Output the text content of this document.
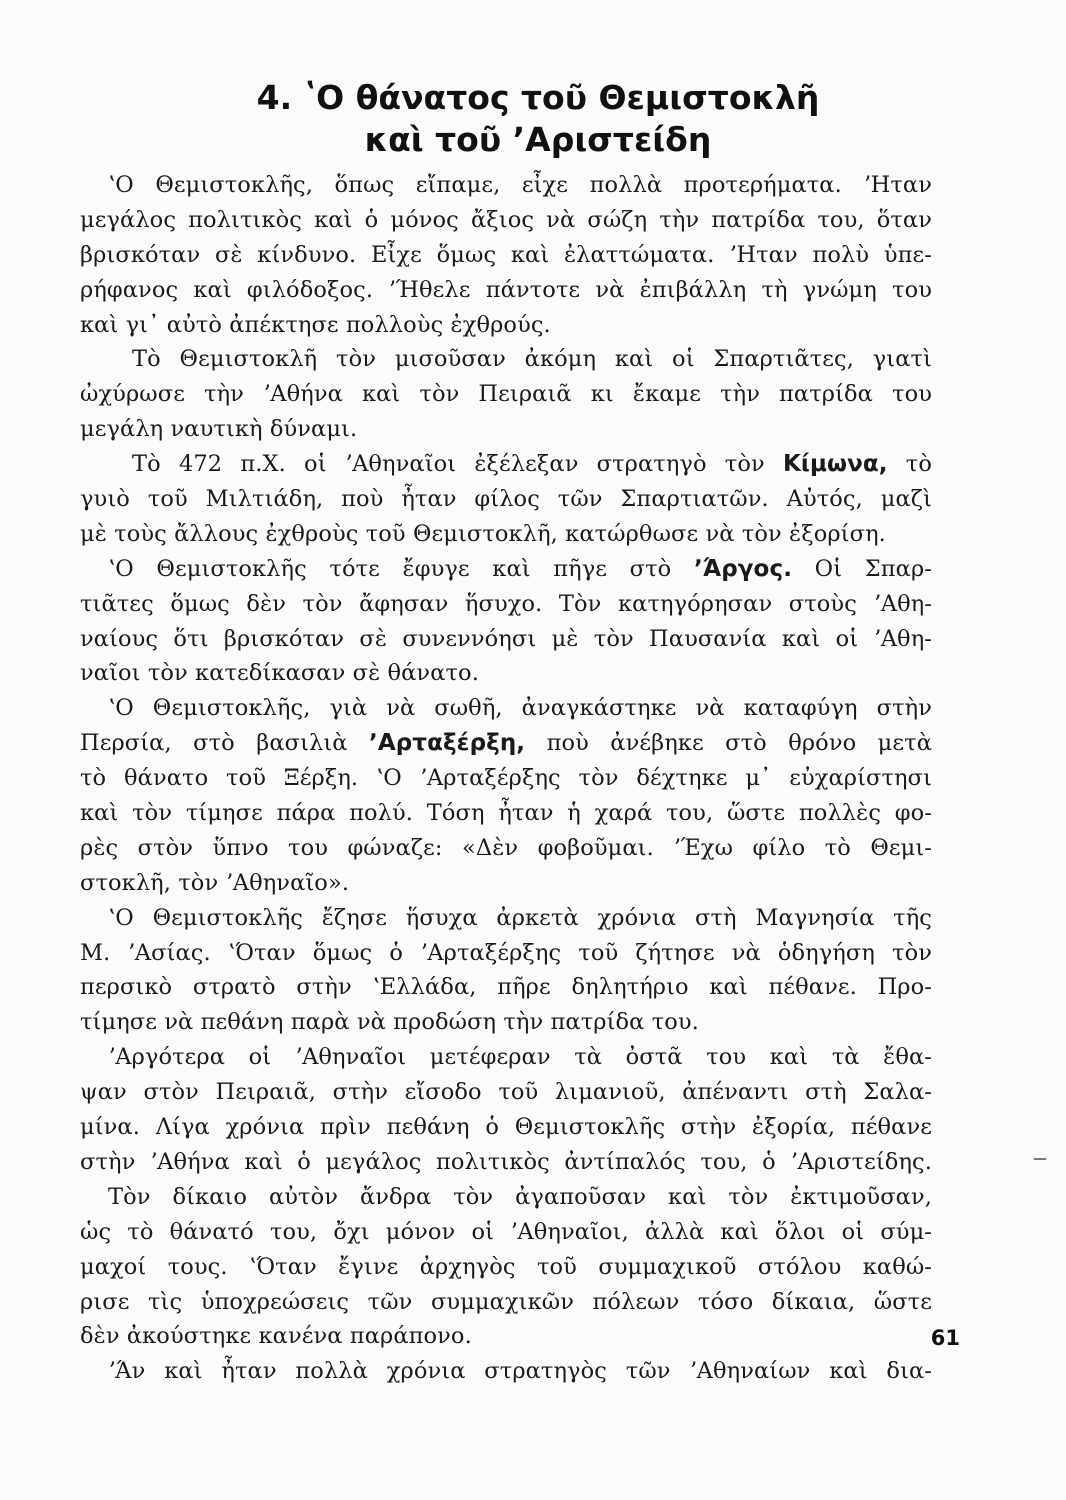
4. ʽΟ θάνατος τοῦ Θεμιστοκλῆ
καὶ τοῦ ʼΑριστείδη
ʽΟ Θεμιστοκλῆς, ὅπως εἴπαμε, εἶχε πολλὰ προτερήματα. ʼΗταν
μεγάλος πολιτικὸς καὶ ὁ μόνος ἄξιος νὰ σώζη τὴν πατρίδα του, ὅταν
βρισκόταν σὲ κίνδυνο. Εἶχε ὅμως καὶ ἐλαττώματα. ʼΗταν πολὺ ὑπε-
ρήφανος καὶ φιλόδοξος. ʼΉθελε πάντοτε νὰ ἐπιβάλλη τὴ γνώμη του
καὶ γι᾿ αὐτὸ ἀπέκτησε πολλοὺς ἐχθρούς.
Τὸ Θεμιστοκλῆ τὸν μισοῦσαν ἀκόμη καὶ οἱ Σπαρτιᾶτες, γιατὶ
ὠχύρωσε τὴν ʼΑθήνα καὶ τὸν Πειραιᾶ κι ἔκαμε τὴν πατρίδα του
μεγάλη ναυτικὴ δύναμι.
Τὸ 472 π.Χ. οἱ ʼΑθηναῖοι ἐξέλεξαν στρατηγὸ τὸν Κίμωνα, τὸ
γυιὸ τοῦ Μιλτιάδη, ποὺ ἦταν φίλος τῶν Σπαρτιατῶν. Αὐτός, μαζὶ
μὲ τοὺς ἄλλους ἐχθροὺς τοῦ Θεμιστοκλῆ, κατώρθωσε νὰ τὸν ἐξορίση.
ʽΟ Θεμιστοκλῆς τότε ἔφυγε καὶ πῆγε στὸ ʼΆργος. Οἱ Σπαρ-
τιᾶτες ὅμως δὲν τὸν ἄφησαν ἥσυχο. Τὸν κατηγόρησαν στοὺς ʼΑθη-
ναίους ὅτι βρισκόταν σὲ συνεννόησι μὲ τὸν Παυσανία καὶ οἱ ʼΑθη-
ναῖοι τὸν κατεδίκασαν σὲ θάνατο.
ʽΟ Θεμιστοκλῆς, γιὰ νὰ σωθῆ, ἀναγκάστηκε νὰ καταφύγη στὴν
Περσία, στὸ βασιλιὰ ʼΑρταξέρξη, ποὺ ἀνέβηκε στὸ θρόνο μετὰ
τὸ θάνατο τοῦ Ξέρξη. ʽΟ ʼΑρταξέρξης τὸν δέχτηκε μ᾿ εὐχαρίστησι
καὶ τὸν τίμησε πάρα πολύ. Τόση ἦταν ἡ χαρά του, ὥστε πολλὲς φο-
ρὲς στὸν ὕπνο του φώναζε: «Δὲν φοβοῦμαι. ʼΈχω φίλο τὸ Θεμι-
στοκλῆ, τὸν ʼΑθηναῖο».
ʽΟ Θεμιστοκλῆς ἔζησε ἥσυχα ἀρκετὰ χρόνια στὴ Μαγνησία τῆς
Μ. ʼΑσίας. ʽΌταν ὅμως ὁ ʼΑρταξέρξης τοῦ ζήτησε νὰ ὁδηγήση τὸν
περσικὸ στρατὸ στὴν ʽΕλλάδα, πῆρε δηλητήριο καὶ πέθανε. Προ-
τίμησε νὰ πεθάνη παρὰ νὰ προδώση τὴν πατρίδα του.
ʼΑργότερα οἱ ʼΑθηναῖοι μετέφεραν τὰ ὀστᾶ του καὶ τὰ ἔθα-
ψαν στὸν Πειραιᾶ, στὴν εἴσοδο τοῦ λιμανιοῦ, ἀπέναντι στὴ Σαλα-
μίνα. Λίγα χρόνια πρὶν πεθάνη ὁ Θεμιστοκλῆς στὴν ἐξορία, πέθανε
στὴν ʼΑθήνα καὶ ὁ μεγάλος πολιτικὸς ἀντίπαλός του, ὁ ʼΑριστείδης.
Τὸν δίκαιο αὐτὸν ἄνδρα τὸν ἀγαποῦσαν καὶ τὸν ἐκτιμοῦσαν,
ὡς τὸ θάνατό του, ὄχι μόνον οἱ ʼΑθηναῖοι, ἀλλὰ καὶ ὅλοι οἱ σύμ-
μαχοί τους. ʽΌταν ἔγινε ἀρχηγὸς τοῦ συμμαχικοῦ στόλου καθώ-
ρισε τὶς ὑποχρεώσεις τῶν συμμαχικῶν πόλεων τόσο δίκαια, ὥστε
δὲν ἀκούστηκε κανένα παράπονο.
ʼΆν καὶ ἦταν πολλὰ χρόνια στρατηγὸς τῶν ʼΑθηναίων καὶ δια-
61
